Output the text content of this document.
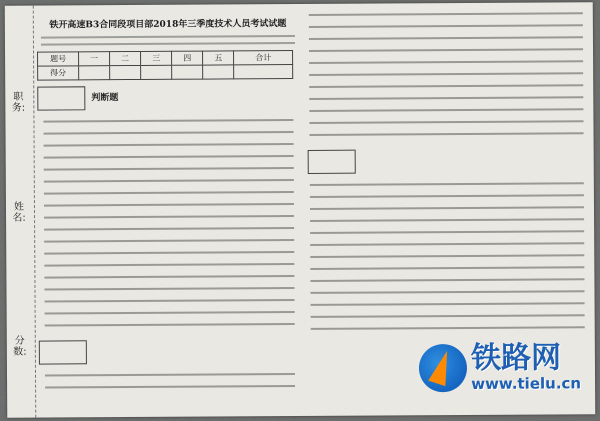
职务:
姓名:
分数:
铁开高速B3合同段项目部2018年三季度技术人员考试试题
题号	一	二	三	四	五	合计
得分						
判断题
铁路网
www.tielu.cn
